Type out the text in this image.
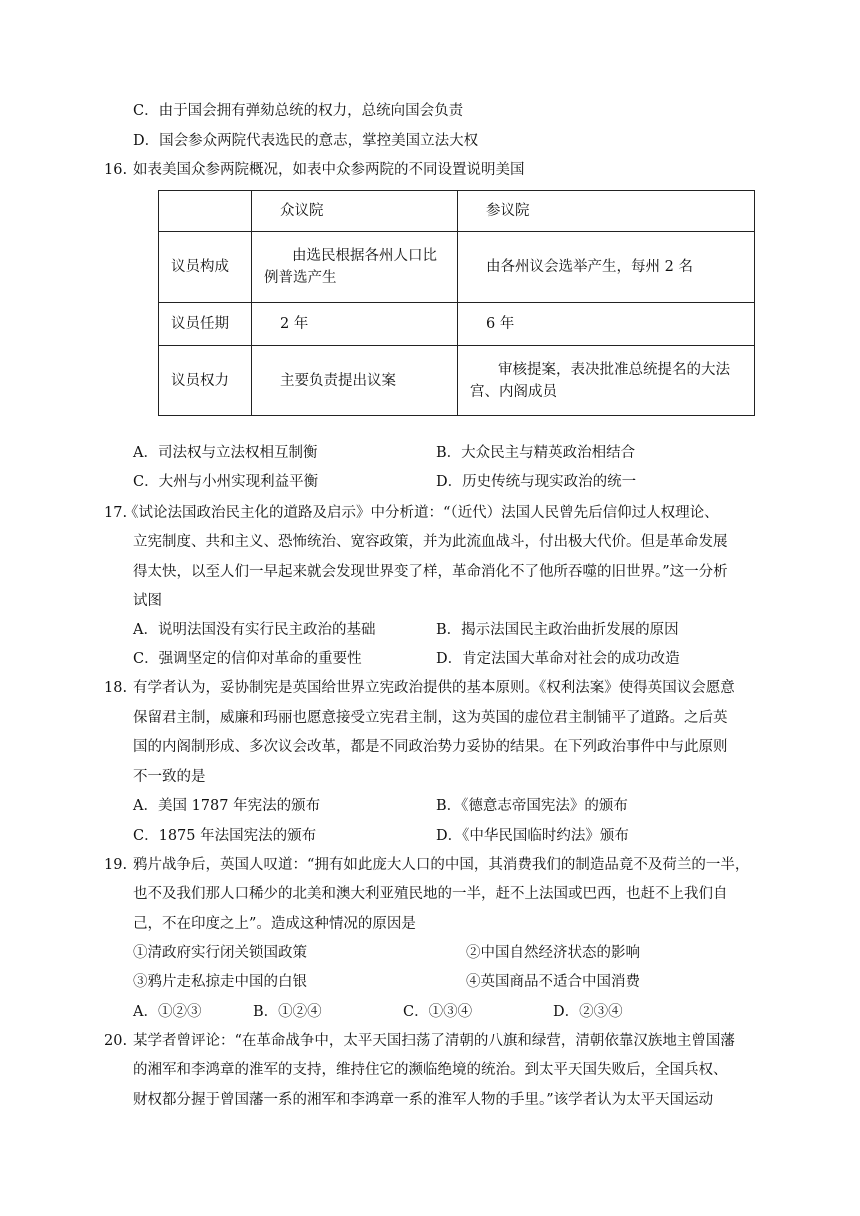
C．由于国会拥有弹劾总统的权力，总统向国会负责
D．国会参众两院代表选民的意志，掌控美国立法大权
16. 如表美国众参两院概况，如表中众参两院的不同设置说明美国
	众议院	参议院
议员构成	由选民根据各州人口比例普选产生	由各州议会选举产生，每州 2 名
议员任期	2 年	6 年
议员权力	主要负责提出议案	审核提案，表决批准总统提名的大法宫、内阁成员
A．司法权与立法权相互制衡	B．大众民主与精英政治相结合
C．大州与小州实现利益平衡	D．历史传统与现实政治的统一
17.
《试论法国政治民主化的道路及启示》中分析道：“（近代）法国人民曾先后信仰过人权理论、
立宪制度、共和主义、恐怖统治、宽容政策，并为此流血战斗，付出极大代价。但是革命发展
得太快，以至人们一早起来就会发现世界变了样，革命消化不了他所吞噬的旧世界。”这一分析
试图
A．说明法国没有实行民主政治的基础	B．揭示法国民主政治曲折发展的原因
C．强调坚定的信仰对革命的重要性	D．肯定法国大革命对社会的成功改造
18. 有学者认为，妥协制宪是英国给世界立宪政治提供的基本原则。《权利法案》使得英国议会愿意
保留君主制，威廉和玛丽也愿意接受立宪君主制，这为英国的虚位君主制铺平了道路。之后英
国的内阁制形成、多次议会改革，都是不同政治势力妥协的结果。在下列政治事件中与此原则
不一致的是
A．美国 1787 年宪法的颁布	B．《德意志帝国宪法》的颁布
C．1875 年法国宪法的颁布	D．《中华民国临时约法》颁布
19. 鸦片战争后，英国人叹道：“拥有如此庞大人口的中国，其消费我们的制造品竟不及荷兰的一半，
也不及我们那人口稀少的北美和澳大利亚殖民地的一半，赶不上法国或巴西，也赶不上我们自
己，不在印度之上”。造成这种情况的原因是
①清政府实行闭关锁国政策	②中国自然经济状态的影响
③鸦片走私掠走中国的白银	④英国商品不适合中国消费
A．①②③	B．①②④	C．①③④	D．②③④
20. 某学者曾评论：“在革命战争中，太平天国扫荡了清朝的八旗和绿营，清朝依靠汉族地主曾国藩
的湘军和李鸿章的淮军的支持，维持住它的濒临绝境的统治。到太平天国失败后，全国兵权、
财权都分握于曾国藩一系的湘军和李鸿章一系的淮军人物的手里。”该学者认为太平天国运动
